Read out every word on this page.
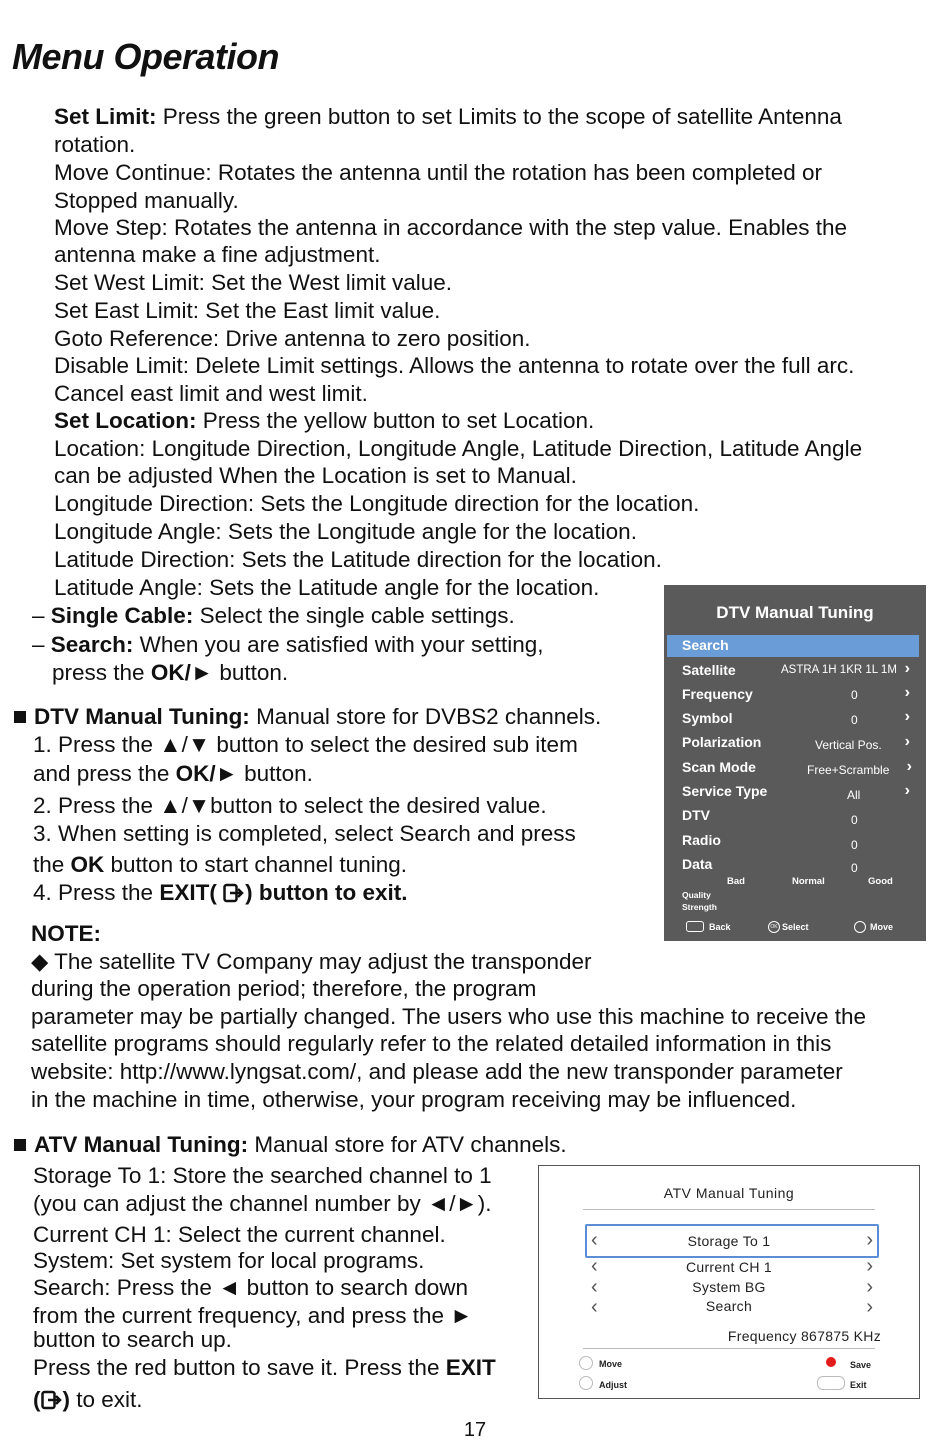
Menu Operation
Set Limit: Press the green button to set Limits to the scope of satellite Antenna
rotation.
Move Continue: Rotates the antenna until the rotation has been completed or
Stopped manually.
Move Step: Rotates the antenna in accordance with the step value. Enables the
antenna make a fine adjustment.
Set West Limit: Set the West limit value.
Set East Limit: Set the East limit value.
Goto Reference: Drive antenna to zero position.
Disable Limit: Delete Limit settings. Allows the antenna to rotate over the full arc.
Cancel east limit and west limit.
Set Location: Press the yellow button to set Location.
Location: Longitude Direction, Longitude Angle, Latitude Direction, Latitude Angle
can be adjusted When the Location is set to Manual.
Longitude Direction: Sets the Longitude direction for the location.
Longitude Angle: Sets the Longitude angle for the location.
Latitude Direction: Sets the Latitude direction for the location.
Latitude Angle: Sets the Latitude angle for the location.
– Single Cable: Select the single cable settings.
– Search: When you are satisfied with your setting,
press the OK/► button.
DTV Manual Tuning: Manual store for DVBS2 channels.
1. Press the ▲/▼ button to select the desired sub item
and press the OK/► button.
2. Press the ▲/▼button to select the desired value.
3. When setting is completed, select Search and press
the OK button to start channel tuning.
4. Press the EXIT( ) button to exit.
NOTE:
◆ The satellite TV Company may adjust the transponder
during the operation period; therefore, the program
parameter may be partially changed. The users who use this machine to receive the
satellite programs should regularly refer to the related detailed information in this
website: http://www.lyngsat.com/, and please add the new transponder parameter
in the machine in time, otherwise, your program receiving may be influenced.
ATV Manual Tuning: Manual store for ATV channels.
Storage To 1: Store the searched channel to 1
(you can adjust the channel number by ◄/►).
Current CH 1: Select the current channel.
System: Set system for local programs.
Search: Press the ◄ button to search down
from the current frequency, and press the ►
button to search up.
Press the red button to save it. Press the EXIT
( ) to exit.
DTV Manual Tuning
Search
Satellite	ASTRA 1H 1KR 1L 1M ›
Frequency	0	›
Symbol	0	›
Polarization	Vertical Pos. ›
Scan Mode	Free+Scramble ›
Service Type	All	›
DTV	0
Radio	0
Data	0
Bad	Normal	Good
Quality
Strength
Back	OK Select	Move
ATV Manual Tuning
‹	Storage To 1	›
‹	Current CH 1	›
‹	System BG	›
‹	Search	›
Frequency 867875 KHz
Move
Adjust
Save
Exit
17
